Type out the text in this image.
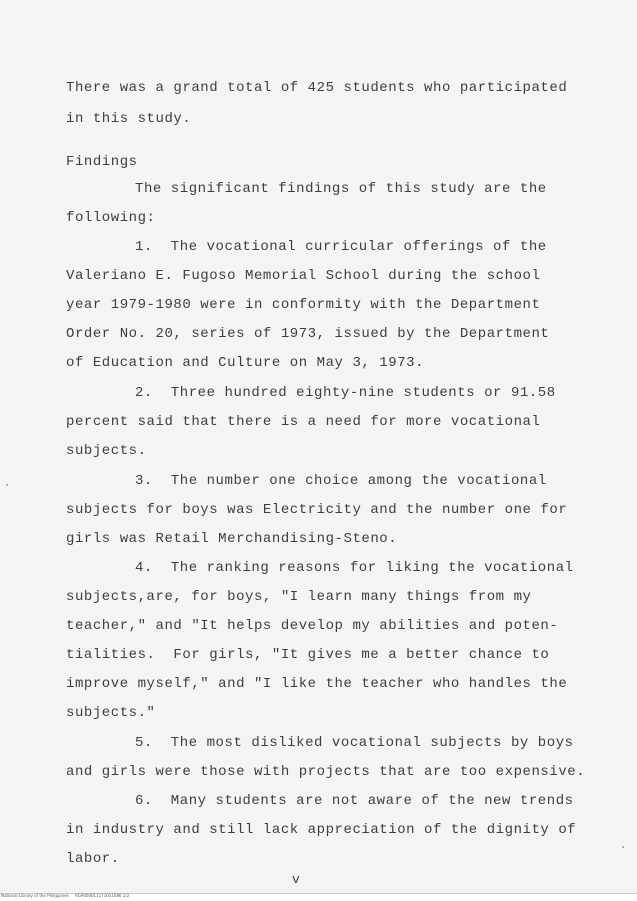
There was a grand total of 425 students who participated
in this study.
Findings
The significant findings of this study are the
following:
1.  The vocational curricular offerings of the
Valeriano E. Fugoso Memorial School during the school
year 1979-1980 were in conformity with the Department
Order No. 20, series of 1973, issued by the Department
of Education and Culture on May 3, 1973.
2.  Three hundred eighty-nine students or 91.58
percent said that there is a need for more vocational
subjects.
3.  The number one choice among the vocational
subjects for boys was Electricity and the number one for
girls was Retail Merchandising-Steno.
4.  The ranking reasons for liking the vocational
subjects,are, for boys, "I learn many things from my
teacher," and "It helps develop my abilities and poten-
tialities.  For girls, "It gives me a better chance to
improve myself," and "I like the teacher who handles the
subjects."
5.  The most disliked vocational subjects by boys
and girls were those with projects that are too expensive.
6.  Many students are not aware of the new trends
in industry and still lack appreciation of the dignity of
labor.
v
National Library of the Philippines     RGP000011171011086 1/2
